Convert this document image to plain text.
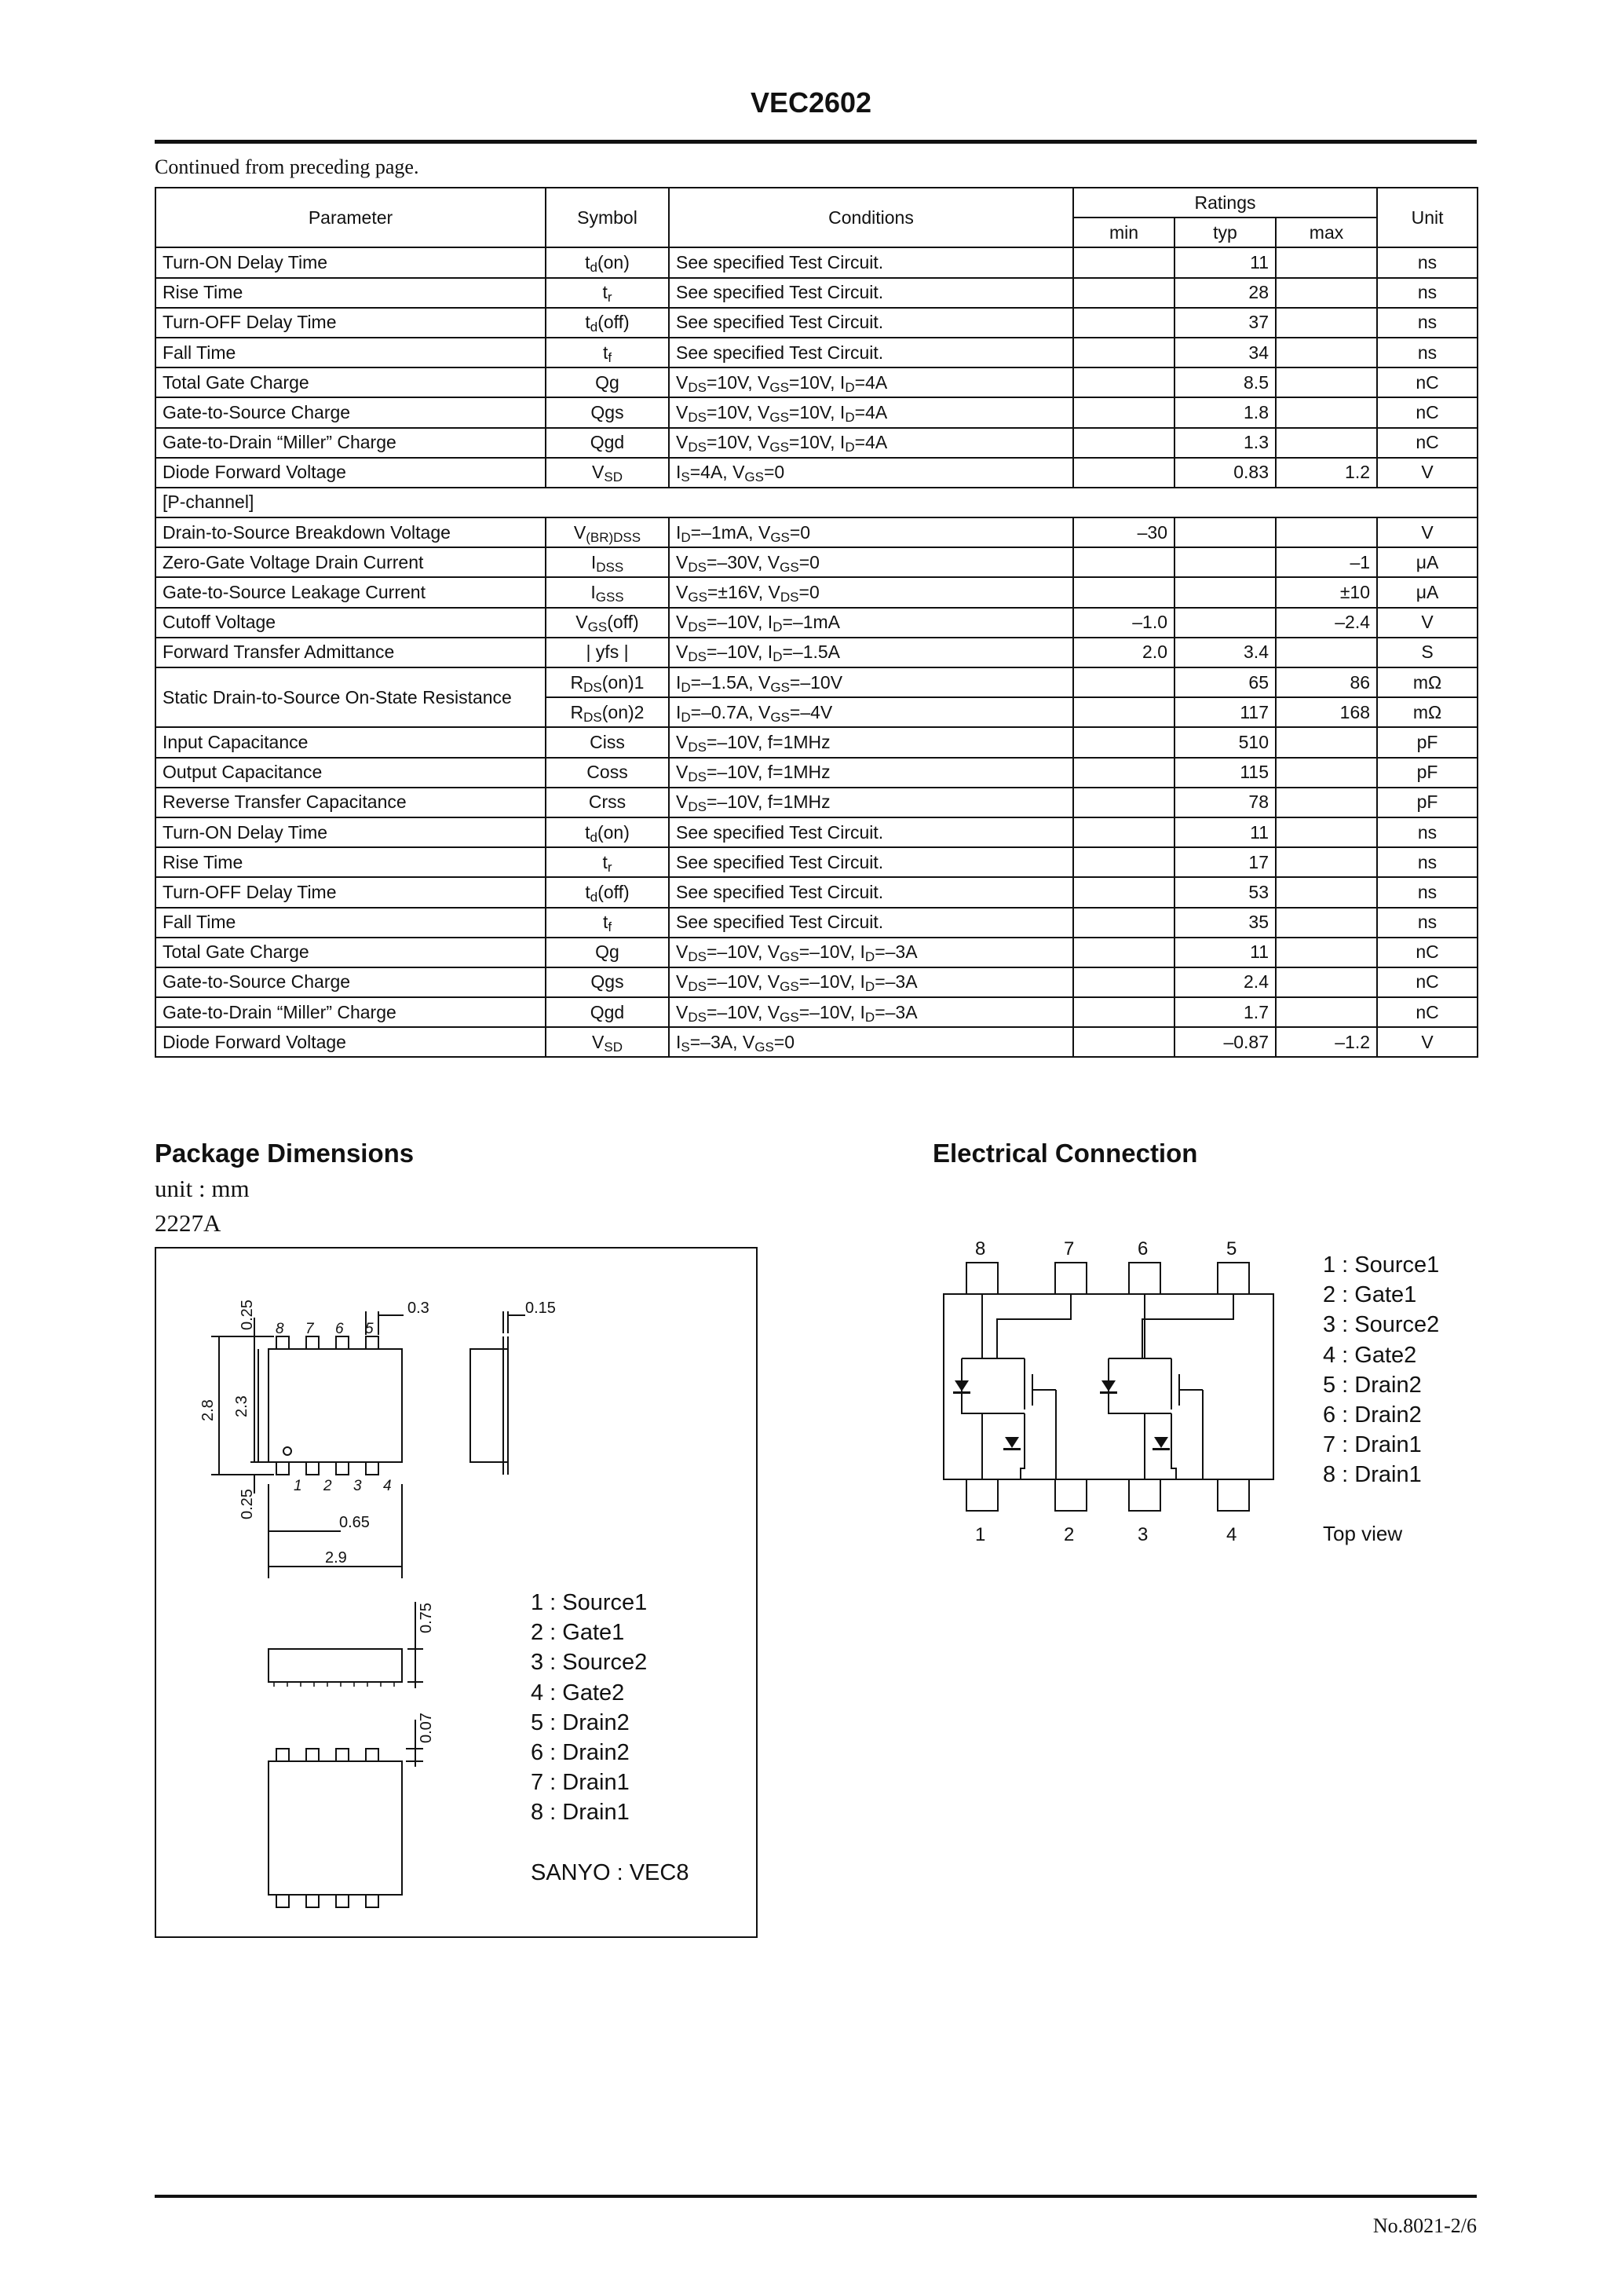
VEC2602
Continued from preceding page.
Parameter	Symbol	Conditions	Ratings			Unit
			min	typ	max	
Turn-ON Delay Time	$t_d(on)$	See specified Test Circuit.		11		ns
Rise Time	$t_r$	See specified Test Circuit.		28		ns
Turn-OFF Delay Time	$t_d(off)$	See specified Test Circuit.		37		ns
Fall Time	$t_f$	See specified Test Circuit.		34		ns
Total Gate Charge	Qg	$V_{DS}=10V$, $V_{GS}=10V$, $I_D=4A$		8.5		nC
Gate-to-Source Charge	Qgs	$V_{DS}=10V$, $V_{GS}=10V$, $I_D=4A$		1.8		nC
Gate-to-Drain “Miller” Charge	Qgd	$V_{DS}=10V$, $V_{GS}=10V$, $I_D=4A$		1.3		nC
Diode Forward Voltage	$V_{SD}$	$I_S=4A$, $V_{GS}=0$		0.83	1.2	V
[P-channel]						
Drain-to-Source Breakdown Voltage	$V_{(BR)DSS}$	$I_D=-1mA$, $V_{GS}=0$	–30			V
Zero-Gate Voltage Drain Current	$I_{DSS}$	$V_{DS}=-30V$, $V_{GS}=0$			–1	μA
Gate-to-Source Leakage Current	$I_{GSS}$	$V_{GS}=\pm 16V$, $V_{DS}=0$			±10	μA
Cutoff Voltage	$V_{GS}(off)$	$V_{DS}=-10V$, $I_D=-1mA$	–1.0		–2.4	V
Forward Transfer Admittance	| yfs |	$V_{DS}=-10V$, $I_D=-1.5A$	2.0	3.4		S
Static Drain-to-Source On-State Resistance	$R_{DS}(on)1$	$I_D=-1.5A$, $V_{GS}=-10V$		65	86	mΩ
	$R_{DS}(on)2$	$I_D=-0.7A$, $V_{GS}=-4V$		117	168	mΩ
Input Capacitance	Ciss	$V_{DS}=-10V$, f=1MHz		510		pF
Output Capacitance	Coss	$V_{DS}=-10V$, f=1MHz		115		pF
Reverse Transfer Capacitance	Crss	$V_{DS}=-10V$, f=1MHz		78		pF
Turn-ON Delay Time	$t_d(on)$	See specified Test Circuit.		11		ns
Rise Time	$t_r$	See specified Test Circuit.		17		ns
Turn-OFF Delay Time	$t_d(off)$	See specified Test Circuit.		53		ns
Fall Time	$t_f$	See specified Test Circuit.		35		ns
Total Gate Charge	Qg	$V_{DS}=-10V$, $V_{GS}=-10V$, $I_D=-3A$		11		nC
Gate-to-Source Charge	Qgs	$V_{DS}=-10V$, $V_{GS}=-10V$, $I_D=-3A$		2.4		nC
Gate-to-Drain “Miller” Charge	Qgd	$V_{DS}=-10V$, $V_{GS}=-10V$, $I_D=-3A$		1.7		nC
Diode Forward Voltage	$V_{SD}$	$I_S=-3A$, $V_{GS}=0$		–0.87	–1.2	V
Package Dimensions
unit : mm
2227A
0.25	0.3	0.15
2.8 2.3
0.25
0.65
2.9
0.75
0.07
8 7 6 5
1 2 3 4
1 : Source1
2 : Gate1
3 : Source2
4 : Gate2
5 : Drain2
6 : Drain2
7 : Drain1
8 : Drain1
SANYO : VEC8
Electrical Connection
8	7	6	5
1	2	3	4
1 : Source1
2 : Gate1
3 : Source2
4 : Gate2
5 : Drain2
6 : Drain2
7 : Drain1
8 : Drain1
Top view
No.8021-2/6
